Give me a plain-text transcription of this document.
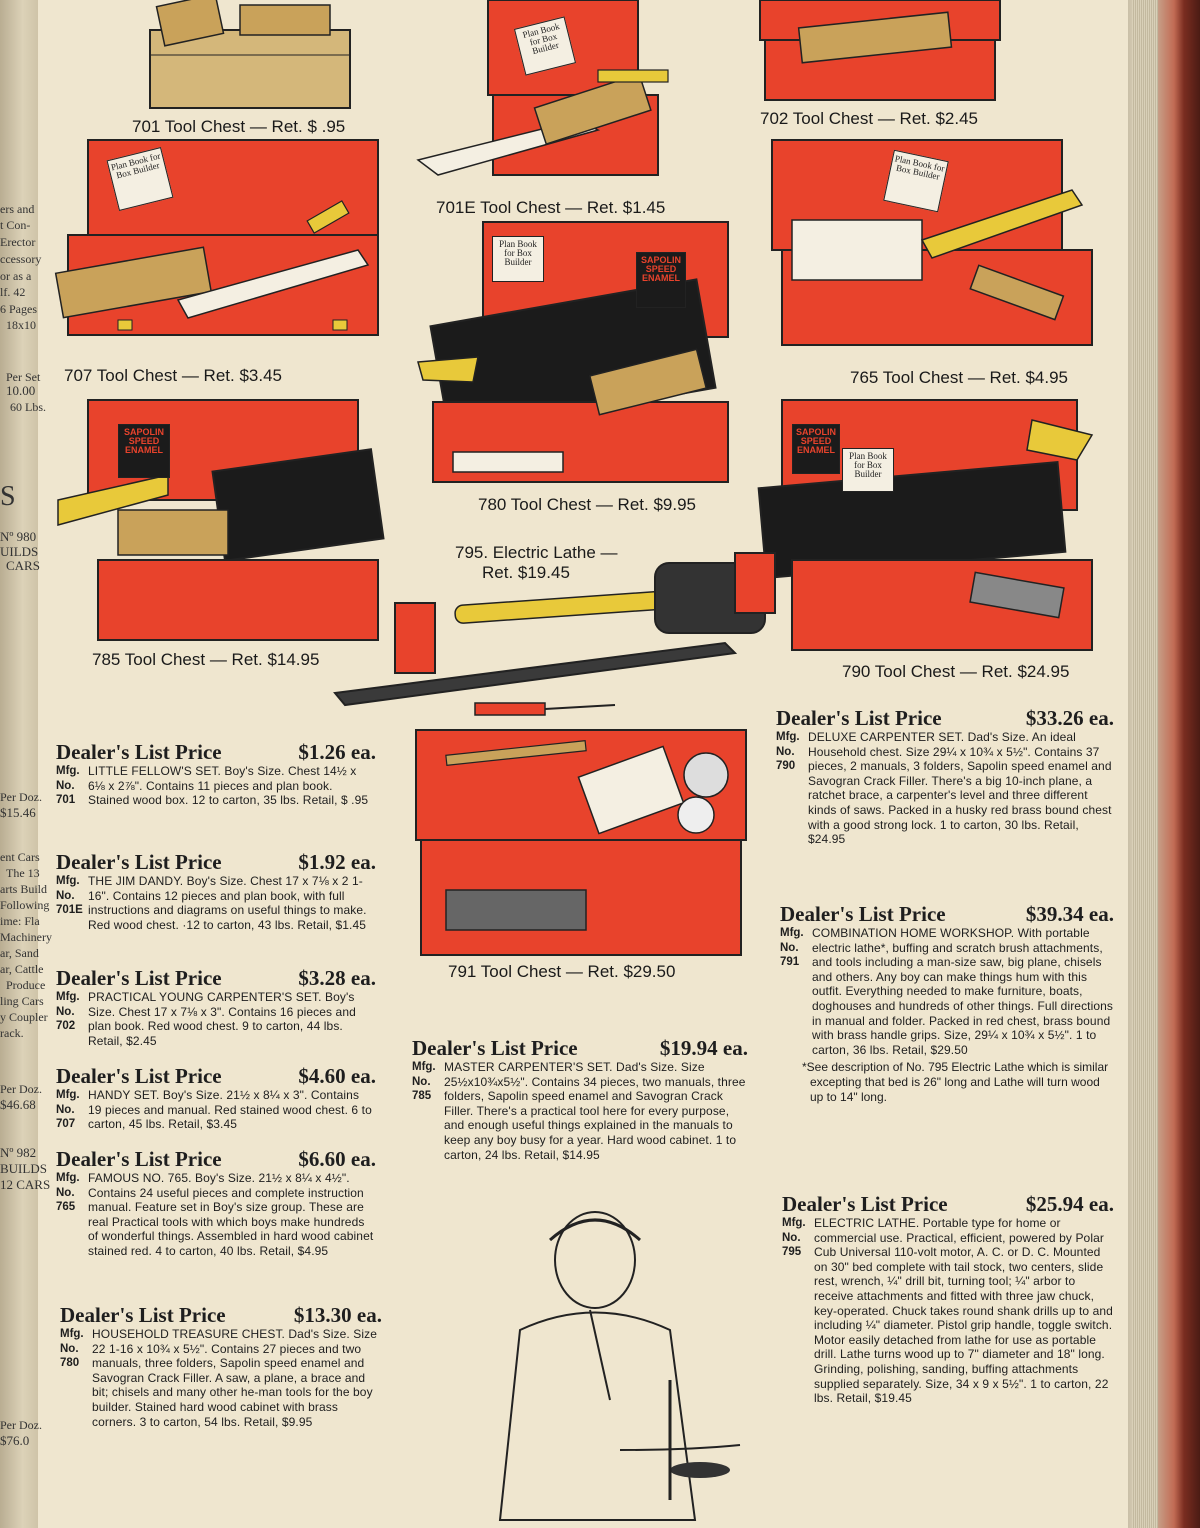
ers and
t Con-
Erector
ccessory
or as a
lf. 42
6 Pages
18x10
Per Set
10.00
60 Lbs.
S
Nº 980
UILDS
CARS
Per Doz.
$15.46
ent Cars
The 13
arts Build
Following
ime: Fla
Machinery
ar, Sand
ar, Cattle
Produce
ling Cars
y Coupler
rack.
Per Doz.
$46.68
Nº 982
BUILDS
12 CARS
Per Doz.
$76.0
701 Tool Chest — Ret. $ .95
Plan Book for Box Builder
701E Tool Chest — Ret. $1.45
702 Tool Chest — Ret. $2.45
Plan Book for Box Builder
707 Tool Chest — Ret. $3.45
Plan Book for Box Builder
765 Tool Chest — Ret. $4.95
Plan Book for Box Builder	SAPOLIN SPEED ENAMEL
780 Tool Chest — Ret. $9.95
SAPOLIN SPEED ENAMEL
785 Tool Chest — Ret. $14.95
SAPOLIN SPEED ENAMEL
Plan Book for Box Builder
790 Tool Chest — Ret. $24.95
795. Electric Lathe —
Ret. $19.45
791 Tool Chest — Ret. $29.50
Dealer's List Price	$1.26 ea.
Mfg.
No.
701
LITTLE FELLOW'S SET. Boy's Size. Chest 14½ x 6⅛ x 2⅞". Contains 11 pieces and plan book. Stained wood box. 12 to carton, 35 lbs. Retail, $ .95
Dealer's List Price	$1.92 ea.
Mfg.
No.
701E
THE JIM DANDY. Boy's Size. Chest 17 x 7⅛ x 2 1-16". Contains 12 pieces and plan book, with full instructions and diagrams on useful things to make. Red wood chest. ·12 to carton, 43 lbs. Retail, $1.45
Dealer's List Price	$3.28 ea.
Mfg.
No.
702
PRACTICAL YOUNG CARPENTER'S SET. Boy's Size. Chest 17 x 7⅛ x 3". Contains 16 pieces and plan book. Red wood chest. 9 to carton, 44 lbs. Retail, $2.45
Dealer's List Price	$4.60 ea.
Mfg.
No.
707
HANDY SET. Boy's Size. 21½ x 8¼ x 3". Contains 19 pieces and manual. Red stained wood chest. 6 to carton, 45 lbs. Retail, $3.45
Dealer's List Price	$6.60 ea.
Mfg.
No.
765
FAMOUS NO. 765. Boy's Size. 21½ x 8¼ x 4½". Contains 24 useful pieces and complete instruction manual. Feature set in Boy's size group. These are real Practical tools with which boys make hundreds of wonderful things. Assembled in hard wood cabinet stained red. 4 to carton, 40 lbs. Retail, $4.95
Dealer's List Price	$13.30 ea.
Mfg.
No.
780
HOUSEHOLD TREASURE CHEST. Dad's Size. Size 22 1-16 x 10¾ x 5½". Contains 27 pieces and two manuals, three folders, Sapolin speed enamel and Savogran Crack Filler. A saw, a plane, a brace and bit; chisels and many other he-man tools for the boy builder. Stained hard wood cabinet with brass corners. 3 to carton, 54 lbs. Retail, $9.95
Dealer's List Price	$19.94 ea.
Mfg.
No.
785
MASTER CARPENTER'S SET. Dad's Size. Size 25½x10¾x5½". Contains 34 pieces, two manuals, three folders, Sapolin speed enamel and Savogran Crack Filler. There's a practical tool here for every purpose, and enough useful things explained in the manuals to keep any boy busy for a year. Hard wood cabinet. 1 to carton, 24 lbs. Retail, $14.95
Dealer's List Price	$33.26 ea.
Mfg.
No.
790
DELUXE CARPENTER SET. Dad's Size. An ideal Household chest. Size 29¼ x 10¾ x 5½". Contains 37 pieces, 2 manuals, 3 folders, Sapolin speed enamel and Savogran Crack Filler. There's a big 10-inch plane, a ratchet brace, a carpenter's level and three different kinds of saws. Packed in a husky red brass bound chest with a good strong lock. 1 to carton, 30 lbs. Retail, $24.95
Dealer's List Price	$39.34 ea.
Mfg.
No.
791
COMBINATION HOME WORKSHOP. With portable electric lathe*, buffing and scratch brush attachments, and tools including a man-size saw, big plane, chisels and others. Any boy can make things hum with this outfit. Everything needed to make furniture, boats, doghouses and hundreds of other things. Full directions in manual and folder. Packed in red chest, brass bound with brass handle grips. Size, 29¼ x 10¾ x 5½". 1 to carton, 36 lbs. Retail, $29.50
*See description of No. 795 Electric Lathe which is similar excepting that bed is 26" long and Lathe will turn wood up to 14" long.
Dealer's List Price	$25.94 ea.
Mfg.
No.
795
ELECTRIC LATHE. Portable type for home or commercial use. Practical, efficient, powered by Polar Cub Universal 110-volt motor, A. C. or D. C. Mounted on 30" bed complete with tail stock, two centers, slide rest, wrench, ¼" drill bit, turning tool; ¼" arbor to receive attachments and fitted with three jaw chuck, key-operated. Chuck takes round shank drills up to and including ¼" diameter. Pistol grip handle, toggle switch. Motor easily detached from lathe for use as portable drill. Lathe turns wood up to 7" diameter and 18" long. Grinding, polishing, sanding, buffing attachments supplied separately. Size, 34 x 9 x 5½". 1 to carton, 22 lbs. Retail, $19.45
